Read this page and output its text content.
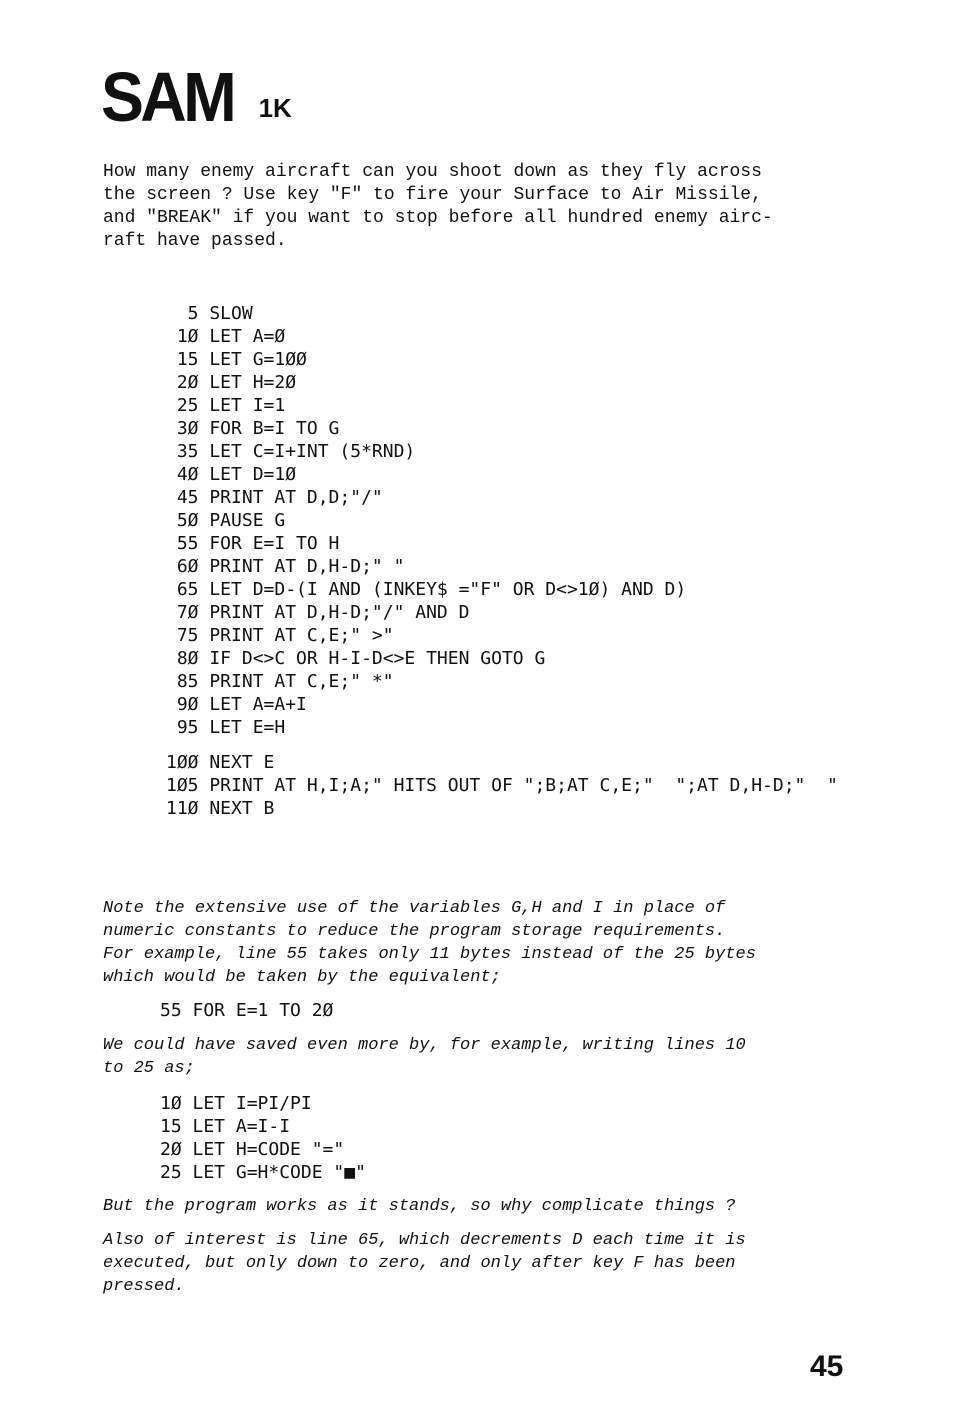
SAM 1K
How many enemy aircraft can you shoot down as they fly across
the screen ? Use key "F" to fire your Surface to Air Missile,
and "BREAK" if you want to stop before all hundred enemy airc-
raft have passed.
5 SLOW
1Ø LET A=Ø
15 LET G=1ØØ
2Ø LET H=2Ø
25 LET I=1
3Ø FOR B=I TO G
35 LET C=I+INT (5*RND)
4Ø LET D=1Ø
45 PRINT AT D,D;"/"
5Ø PAUSE G
55 FOR E=I TO H
6Ø PRINT AT D,H-D;" "
65 LET D=D-(I AND (INKEY$ ="F" OR D<>1Ø) AND D)
7Ø PRINT AT D,H-D;"/" AND D
75 PRINT AT C,E;" >"
8Ø IF D<>C OR H-I-D<>E THEN GOTO G
85 PRINT AT C,E;" *"
9Ø LET A=A+I
95 LET E=H
1ØØ NEXT E
1Ø5 PRINT AT H,I;A;" HITS OUT OF ";B;AT C,E;"  ";AT D,H-D;"  "
11Ø NEXT B
Note the extensive use of the variables G,H and I in place of
numeric constants to reduce the program storage requirements.
For example, line 55 takes only 11 bytes instead of the 25 bytes
which would be taken by the equivalent;
55 FOR E=1 TO 2Ø
We could have saved even more by, for example, writing lines 10
to 25 as;
1Ø LET I=PI/PI
15 LET A=I-I
2Ø LET H=CODE "="
25 LET G=H*CODE "■"
But the program works as it stands, so why complicate things ?
Also of interest is line 65, which decrements D each time it is
executed, but only down to zero, and only after key F has been
pressed.
45
